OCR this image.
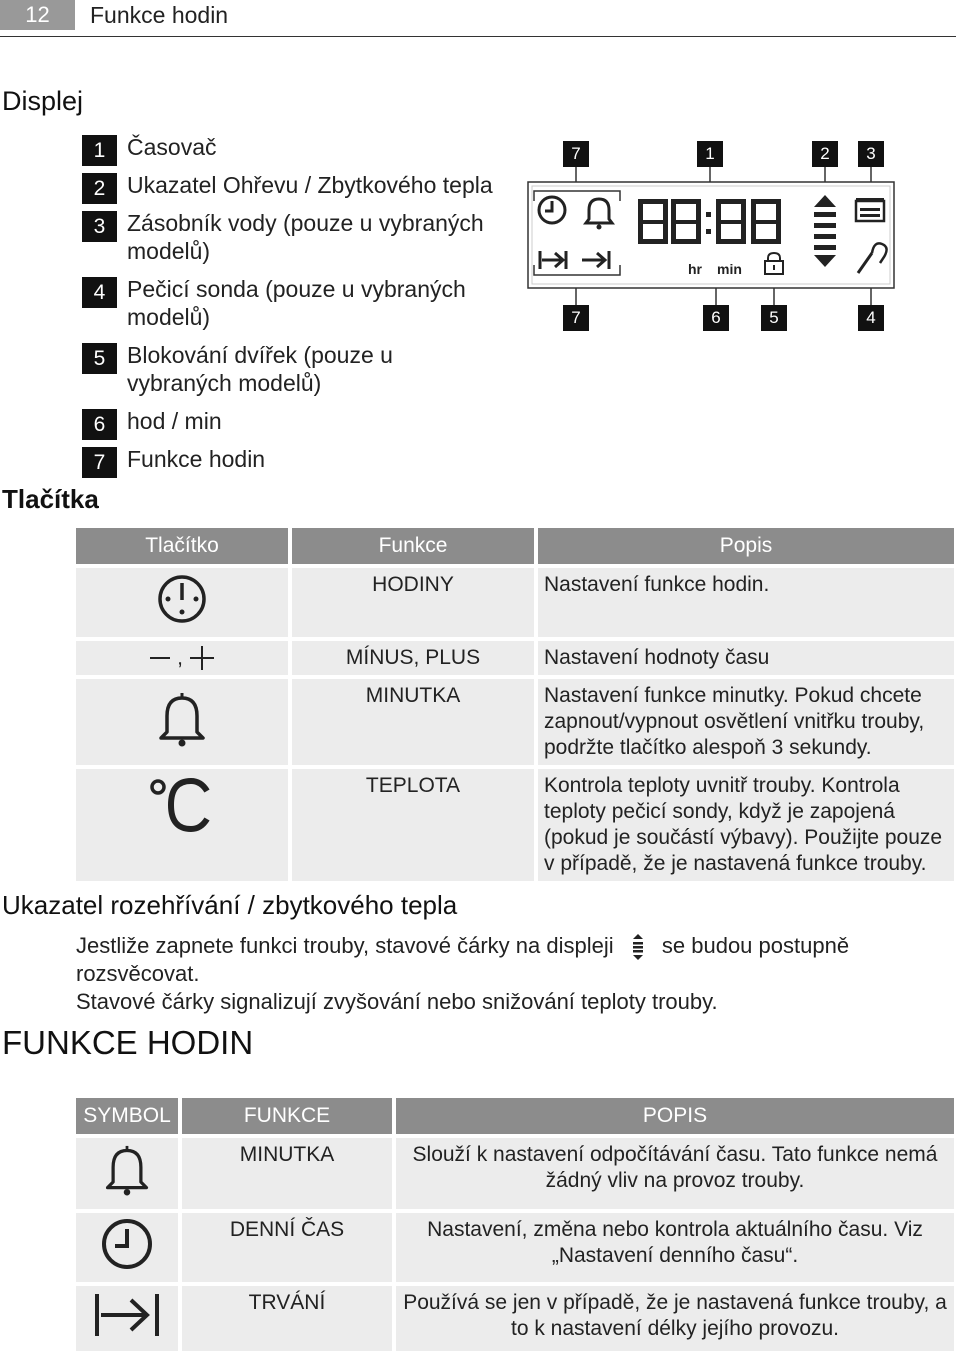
12	Funkce hodin
Displej
1 Časovač
2 Ukazatel Ohřevu / Zbytkového tepla
3 Zásobník vody (pouze u vybraných modelů)
4 Pečicí sonda (pouze u vybraných modelů)
5 Blokování dvířek (pouze u vybraných modelů)
6 hod / min
7 Funkce hodin
7	1	2	3
7	6	5	4
hr min
Tlačítka
Tlačítko	Funkce	Popis
	HODINY	Nastavení funkce hodin.
,	MÍNUS, PLUS	Nastavení hodnoty času
	MINUTKA	Nastavení funkce minutky. Pokud chcete zapnout/vypnout osvětlení vnitřku trouby, podržte tlačítko alespoň 3 sekundy.
	TEPLOTA	Kontrola teploty uvnitř trouby. Kontrola teploty pečicí sondy, když je zapojená (pokud je součástí výbavy). Použijte pouze v případě, že je nastavená funkce trouby.
Ukazatel rozehřívání / zbytkového tepla
Jestliže zapnete funkci trouby, stavové čárky na displeji se budou postupně rozsvěcovat.
Stavové čárky signalizují zvyšování nebo snižování teploty trouby.
FUNKCE HODIN
SYMBOL	FUNKCE	POPIS
	MINUTKA	Slouží k nastavení odpočítávání času. Tato funkce nemá žádný vliv na provoz trouby.
	DENNÍ ČAS	Nastavení, změna nebo kontrola aktuálního času. Viz „Nastavení denního času“.
	TRVÁNÍ	Používá se jen v případě, že je nastavená funkce trouby, a to k nastavení délky jejího provozu.
